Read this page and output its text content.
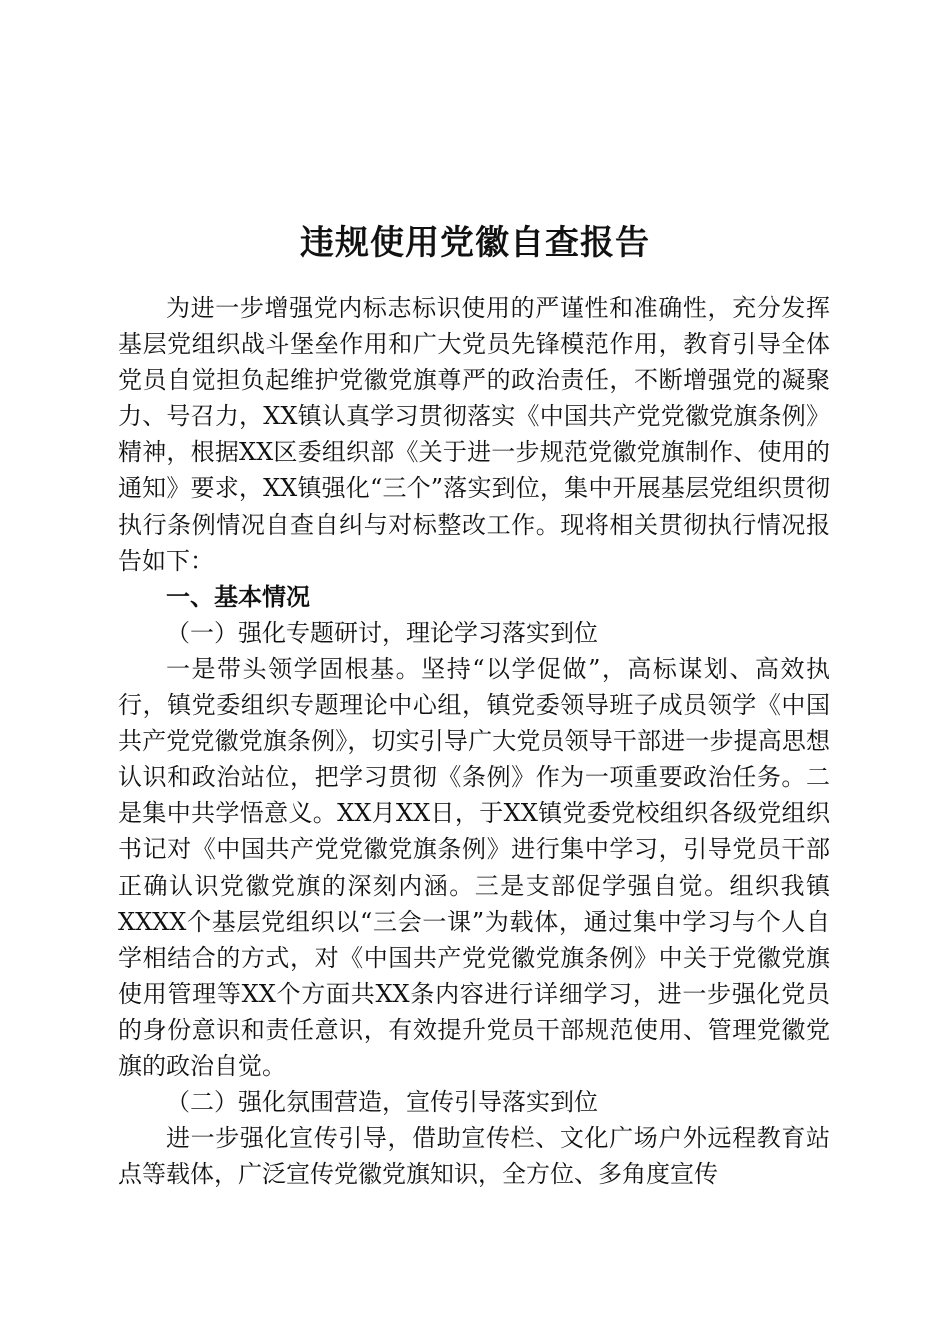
违规使用党徽自查报告

为进一步增强党内标志标识使用的严谨性和准确性，充分发挥基层党组织战斗堡垒作用和广大党员先锋模范作用，教育引导全体党员自觉担负起维护党徽党旗尊严的政治责任，不断增强党的凝聚力、号召力，XX镇认真学习贯彻落实《中国共产党党徽党旗条例》精神，根据XX区委组织部《关于进一步规范党徽党旗制作、使用的通知》要求，XX镇强化“三个”落实到位，集中开展基层党组织贯彻执行条例情况自查自纠与对标整改工作。现将相关贯彻执行情况报告如下：

一、基本情况
（一）强化专题研讨，理论学习落实到位

一是带头领学固根基。坚持“以学促做”，高标谋划、高效执行，镇党委组织专题理论中心组，镇党委领导班子成员领学《中国共产党党徽党旗条例》，切实引导广大党员领导干部进一步提高思想认识和政治站位，把学习贯彻《条例》作为一项重要政治任务。二是集中共学悟意义。XX月XX日，于XX镇党委党校组织各级党组织书记对《中国共产党党徽党旗条例》进行集中学习，引导党员干部正确认识党徽党旗的深刻内涵。三是支部促学强自觉。组织我镇XXXX个基层党组织以“三会一课”为载体，通过集中学习与个人自学相结合的方式，对《中国共产党党徽党旗条例》中关于党徽党旗使用管理等XX个方面共XX条内容进行详细学习，进一步强化党员的身份意识和责任意识，有效提升党员干部规范使用、管理党徽党旗的政治自觉。

（二）强化氛围营造，宣传引导落实到位

进一步强化宣传引导，借助宣传栏、文化广场户外远程教育站点等载体，广泛宣传党徽党旗知识，全方位、多角度宣传
